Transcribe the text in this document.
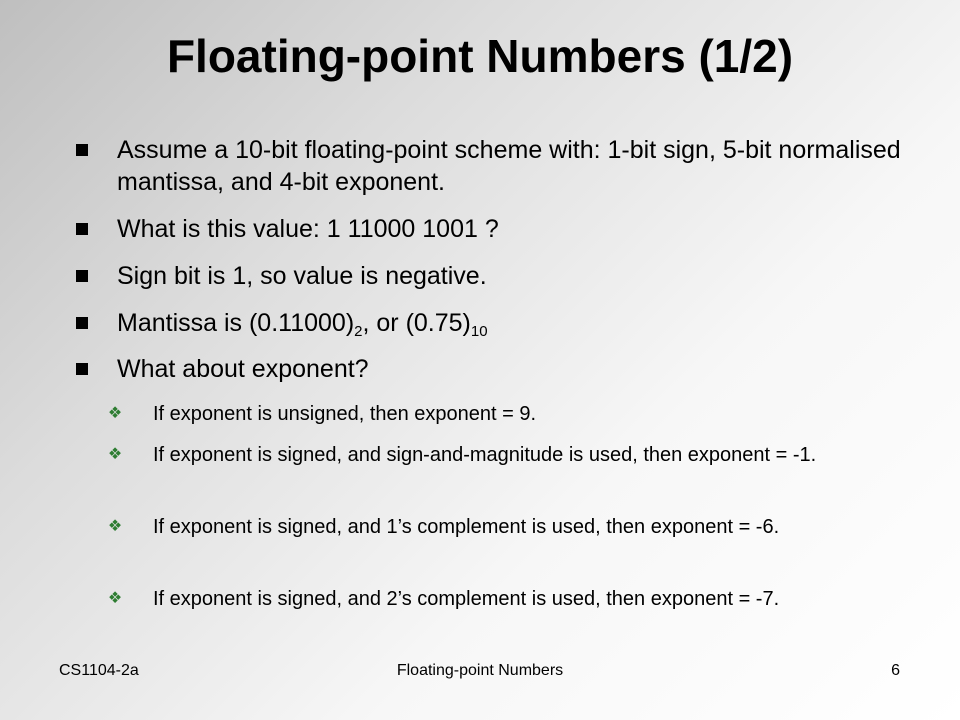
Floating-point Numbers (1/2)
Assume a 10-bit floating-point scheme with: 1-bit sign, 5-bit normalised mantissa, and 4-bit exponent.
What is this value: 1 11000 1001 ?
Sign bit is 1, so value is negative.
Mantissa is $(0.11000)_2$, or $(0.75)_{10}$
What about exponent?
❖ If exponent is unsigned, then exponent = 9.
❖ If exponent is signed, and sign-and-magnitude is used, then exponent = -1.
❖ If exponent is signed, and 1’s complement is used, then exponent = -6.
❖ If exponent is signed, and 2’s complement is used, then exponent = -7.
CS1104-2a	Floating-point Numbers	6
